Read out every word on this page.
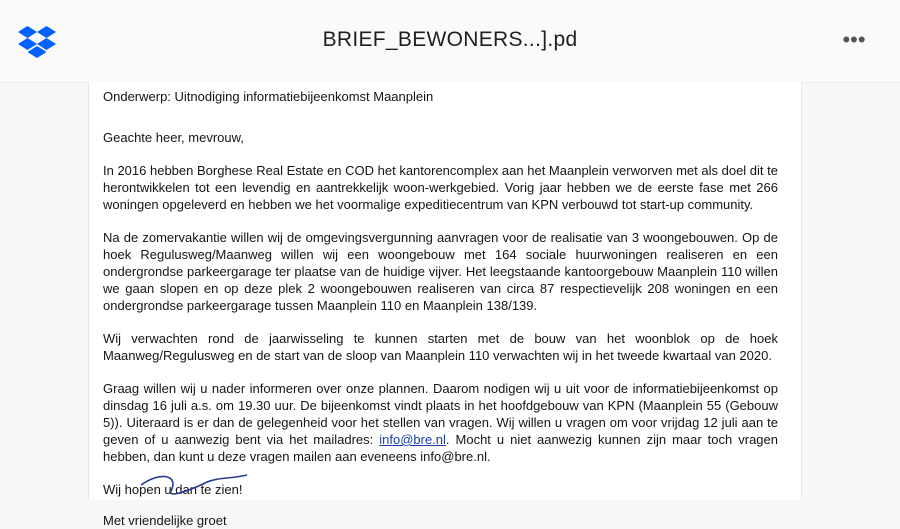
BRIEF_BEWONERS...].pd	•••

Onderwerp: Uitnodiging informatiebijeenkomst Maanplein

Geachte heer, mevrouw,

In 2016 hebben Borghese Real Estate en COD het kantorencomplex aan het Maanplein verworven met als doel dit te herontwikkelen tot een levendig en aantrekkelijk woon-werkgebied. Vorig jaar hebben we de eerste fase met 266 woningen opgeleverd en hebben we het voormalige expeditiecentrum van KPN verbouwd tot start-up community.

Na de zomervakantie willen wij de omgevingsvergunning aanvragen voor de realisatie van 3 woongebouwen. Op de hoek Regulusweg/Maanweg willen wij een woongebouw met 164 sociale huurwoningen realiseren en een ondergrondse parkeergarage ter plaatse van de huidige vijver. Het leegstaande kantoorgebouw Maanplein 110 willen we gaan slopen en op deze plek 2 woongebouwen realiseren van circa 87 respectievelijk 208 woningen en een ondergrondse parkeergarage tussen Maanplein 110 en Maanplein 138/139.

Wij verwachten rond de jaarwisseling te kunnen starten met de bouw van het woonblok op de hoek Maanweg/Regulusweg en de start van de sloop van Maanplein 110 verwachten wij in het tweede kwartaal van 2020.

Graag willen wij u nader informeren over onze plannen. Daarom nodigen wij u uit voor de informatiebijeenkomst op dinsdag 16 juli a.s. om 19.30 uur. De bijeenkomst vindt plaats in het hoofdgebouw van KPN (Maanplein 55 (Gebouw 5)). Uiteraard is er dan de gelegenheid voor het stellen van vragen. Wij willen u vragen om voor vrijdag 12 juli aan te geven of u aanwezig bent via het mailadres: info@bre.nl. Mocht u niet aanwezig kunnen zijn maar toch vragen hebben, dan kunt u deze vragen mailen aan eveneens info@bre.nl.

Wij hopen u dan te zien!

Met vriendelijke groet
